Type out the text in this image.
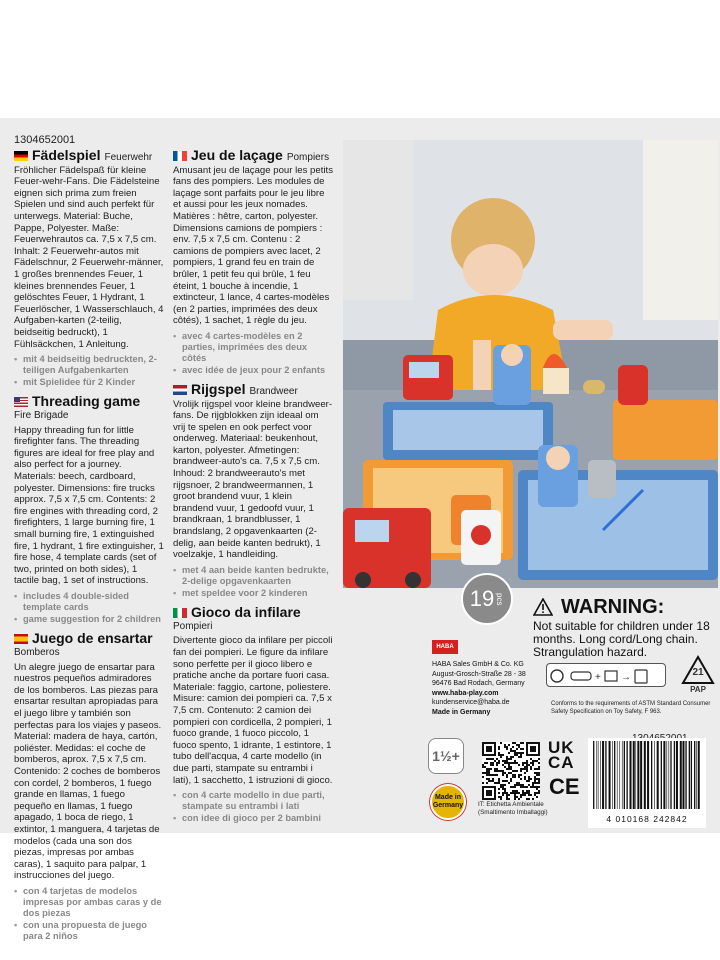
1304652001
Fädelspiel Feuerwehr
Fröhlicher Fädelspaß für kleine Feuer-wehr-Fans. Die Fädelsteine eignen sich prima zum freien Spielen und sind auch perfekt für unterwegs. Material: Buche, Pappe, Polyester. Maße: Feuerwehrautos ca. 7,5 x 7,5 cm. Inhalt: 2 Feuerwehr-autos mit Fädelschnur, 2 Feuerwehr-männer, 1 großes brennendes Feuer, 1 kleines brennendes Feuer, 1 gelöschtes Feuer, 1 Hydrant, 1 Feuerlöscher, 1 Wasserschlauch, 4 Aufgaben-karten (2-teilig, beidseitig bedruckt), 1 Fühlsäckchen, 1 Anleitung.
• mit 4 beidseitig bedruckten, 2-teiligen Aufgabenkarten
• mit Spielidee für 2 Kinder
Threading game
Fire Brigade
Happy threading fun for little firefighter fans. The threading figures are ideal for free play and also perfect for a journey. Materials: beech, cardboard, polyester. Dimensions: fire trucks approx. 7,5 x 7,5 cm. Contents: 2 fire engines with threading cord, 2 firefighters, 1 large burning fire, 1 small burning fire, 1 extinguished fire, 1 hydrant, 1 fire extinguisher, 1 fire hose, 4 template cards (set of two, printed on both sides), 1 tactile bag, 1 set of instructions.
• includes 4 double-sided template cards
• game suggestion for 2 children
Juego de ensartar
Bomberos
Un alegre juego de ensartar para nuestros pequeños admiradores de los bomberos. Las piezas para ensartar resultan apropiadas para el juego libre y también son perfectas para los viajes y paseos. Material: madera de haya, cartón, poliéster. Medidas: el coche de bomberos, aprox. 7,5 x 7,5 cm. Contenido: 2 coches de bomberos con cordel, 2 bomberos, 1 fuego grande en llamas, 1 fuego pequeño en llamas, 1 fuego apagado, 1 boca de riego, 1 extintor, 1 manguera, 4 tarjetas de modelos (cada una son dos piezas, impresas por ambas caras), 1 saquito para palpar, 1 instrucciones del juego.
• con 4 tarjetas de modelos impresas por ambas caras y de dos piezas
• con una propuesta de juego para 2 niños
Jeu de laçage Pompiers
Amusant jeu de laçage pour les petits fans des pompiers. Les modules de laçage sont parfaits pour le jeu libre et aussi pour les jeux nomades. Matières : hêtre, carton, polyester. Dimensions camions de pompiers : env. 7,5 x 7,5 cm. Contenu : 2 camions de pompiers avec lacet, 2 pompiers, 1 grand feu en train de brûler, 1 petit feu qui brûle, 1 feu éteint, 1 bouche à incendie, 1 extincteur, 1 lance, 4 cartes-modèles (en 2 parties, imprimées des deux côtés), 1 sachet, 1 règle du jeu.
• avec 4 cartes-modèles en 2 parties, imprimées des deux côtés
• avec idée de jeux pour 2 enfants
Rijgspel Brandweer
Vrolijk rijgspel voor kleine brandweer-fans. De rijgblokken zijn ideaal om vrij te spelen en ook perfect voor onderweg. Materiaal: beukenhout, karton, polyester. Afmetingen: brandweer-auto's ca. 7,5 x 7,5 cm. Inhoud: 2 brandweerauto's met rijgsnoer, 2 brandweermannen, 1 groot brandend vuur, 1 klein brandend vuur, 1 gedoofd vuur, 1 brandkraan, 1 brandblusser, 1 brandslang, 2 opgavenkaarten (2-delig, aan beide kanten bedrukt), 1 voelzakje, 1 handleiding.
• met 4 aan beide kanten bedrukte, 2-delige opgavenkaarten
• met speldee voor 2 kinderen
Gioco da infilare
Pompieri
Divertente gioco da infilare per piccoli fan dei pompieri. Le figure da infilare sono perfette per il gioco libero e pratiche anche da portare fuori casa. Materiale: faggio, cartone, poliestere. Misure: camion dei pompieri ca. 7,5 x 7,5 cm. Contenuto: 2 camion dei pompieri con cordicella, 2 pompieri, 1 fuoco grande, 1 fuoco piccolo, 1 fuoco spento, 1 idrante, 1 estintore, 1 tubo dell'acqua, 4 carte modello (in due parti, stampate su entrambi i lati), 1 sacchetto, 1 istruzioni di gioco.
• con 4 carte modello in due parti, stampate su entrambi i lati
• con idee di gioco per 2 bambini
19 pcs	WARNING:
Not suitable for children under 18 months. Long cord/Long chain. Strangulation hazard.
HABA
HABA Sales GmbH & Co. KG
August-Grosch-Straße 28 - 38
96476 Bad Rodach, Germany
www.haba-play.com
kundenservice@haba.de
Made in Germany
+ →	21
PAP
Conforms to the requirements of ASTM Standard Consumer Safety Specification on Toy Safety, F 963.
1½+
Made in Germany	IT: Etichetta Ambientale (Smaltimento Imballaggi)
UK
CA
CE
4 010168 242842
